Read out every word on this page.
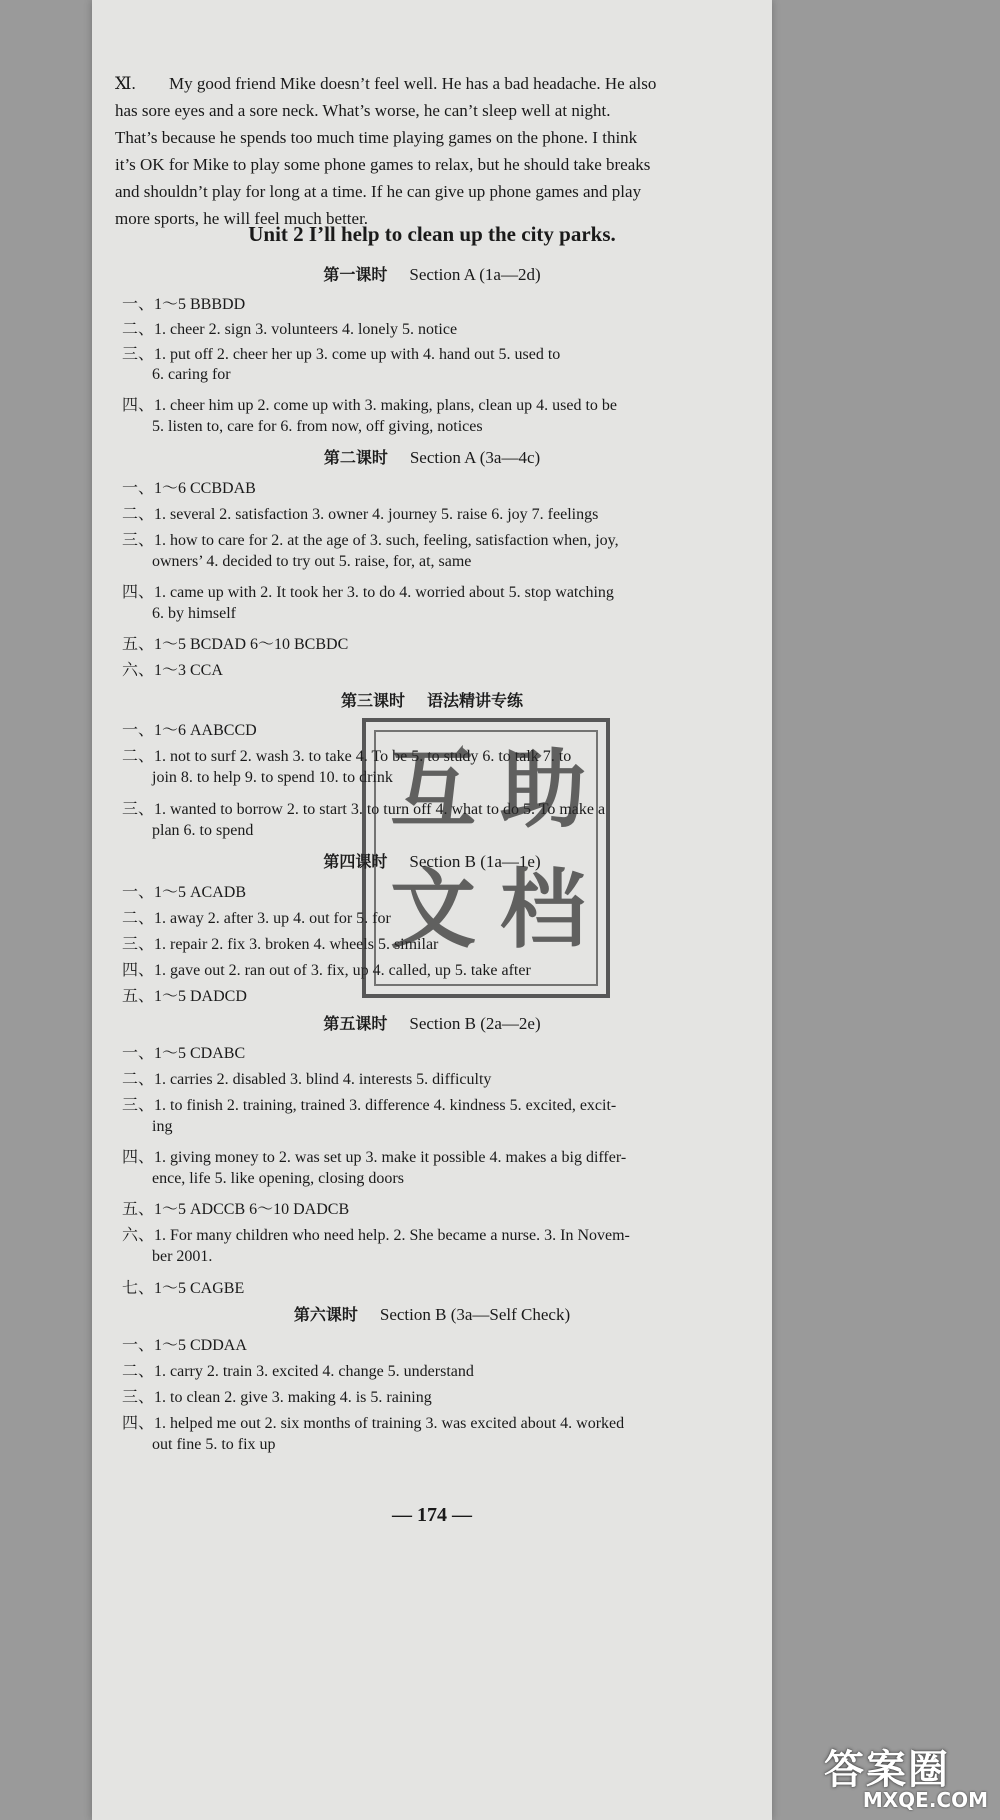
Ⅺ. My good friend Mike doesn’t feel well. He has a bad headache. He also
has sore eyes and a sore neck. What’s worse, he can’t sleep well at night.
That’s because he spends too much time playing games on the phone. I think
it’s OK for Mike to play some phone games to relax, but he should take breaks
and shouldn’t play for long at a time. If he can give up phone games and play
more sports, he will feel much better.
Unit 2 I’ll help to clean up the city parks.
第一课时 Section A (1a—2d)
一、1～5 BBBDD
二、1. cheer 2. sign 3. volunteers 4. lonely 5. notice
三、1. put off 2. cheer her up 3. come up with 4. hand out 5. used to
6. caring for
四、1. cheer him up 2. come up with 3. making, plans, clean up 4. used to be
5. listen to, care for 6. from now, off giving, notices
第二课时 Section A (3a—4c)
一、1～6 CCBDAB
二、1. several 2. satisfaction 3. owner 4. journey 5. raise 6. joy 7. feelings
三、1. how to care for 2. at the age of 3. such, feeling, satisfaction when, joy,
owners’ 4. decided to try out 5. raise, for, at, same
四、1. came up with 2. It took her 3. to do 4. worried about 5. stop watching
6. by himself
五、1～5 BCDAD 6～10 BCBDC
六、1～3 CCA
第三课时 语法精讲专练
一、1～6 AABCCD
二、1. not to surf 2. wash 3. to take 4. To be 5. to study 6. to talk 7. to
join 8. to help 9. to spend 10. to drink
三、1. wanted to borrow 2. to start 3. to turn off 4. what to do 5. To make a
plan 6. to spend
第四课时 Section B (1a—1e)
一、1～5 ACADB
二、1. away 2. after 3. up 4. out for 5. for
三、1. repair 2. fix 3. broken 4. wheels 5. similar
四、1. gave out 2. ran out of 3. fix, up 4. called, up 5. take after
五、1～5 DADCD
第五课时 Section B (2a—2e)
一、1～5 CDABC
二、1. carries 2. disabled 3. blind 4. interests 5. difficulty
三、1. to finish 2. training, trained 3. difference 4. kindness 5. excited, excit-
ing
四、1. giving money to 2. was set up 3. make it possible 4. makes a big differ-
ence, life 5. like opening, closing doors
五、1～5 ADCCB 6～10 DADCB
六、1. For many children who need help. 2. She became a nurse. 3. In Novem-
ber 2001.
七、1～5 CAGBE
第六课时 Section B (3a—Self Check)
一、1～5 CDDAA
二、1. carry 2. train 3. excited 4. change 5. understand
三、1. to clean 2. give 3. making 4. is 5. raining
四、1. helped me out 2. six months of training 3. was excited about 4. worked
out fine 5. to fix up
— 174 —
互 助
文 档
答案圈
MXQE.COM
